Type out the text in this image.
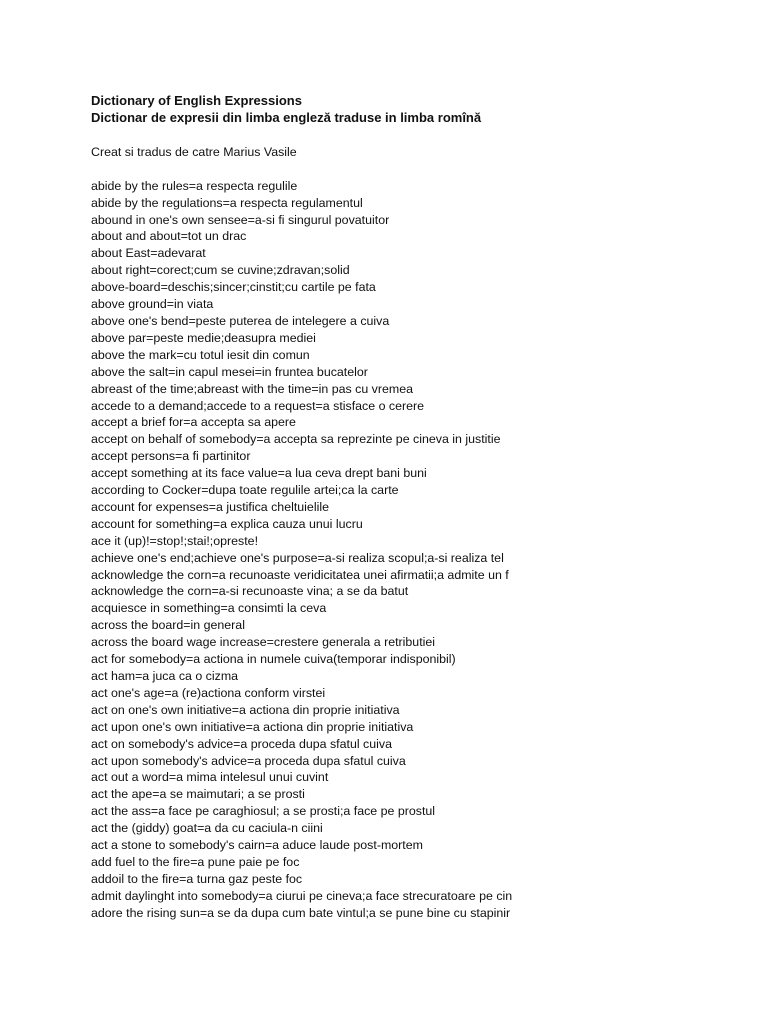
Dictionary of English Expressions
Dictionar de expresii din limba engleză traduse in limba romînă
Creat si tradus de catre Marius Vasile
abide by the rules=a respecta regulile
abide by the regulations=a respecta regulamentul
abound in one's own sensee=a-si fi singurul povatuitor
about and about=tot un drac
about East=adevarat
about right=corect;cum se cuvine;zdravan;solid
above-board=deschis;sincer;cinstit;cu cartile pe fata
above ground=in viata
above one's bend=peste puterea de intelegere a cuiva
above par=peste medie;deasupra mediei
above the mark=cu totul iesit din comun
above the salt=in capul mesei=in fruntea bucatelor
abreast of the time;abreast with the time=in pas cu vremea
accede to a demand;accede to a request=a stisface o cerere
accept a brief for=a accepta sa apere
accept on behalf of somebody=a accepta sa reprezinte pe cineva in justitie
accept persons=a fi partinitor
accept something at its face value=a lua ceva drept bani buni
according to Cocker=dupa toate regulile artei;ca la carte
account for expenses=a justifica cheltuielile
account for something=a explica cauza unui lucru
ace it (up)!=stop!;stai!;opreste!
achieve one's end;achieve one's purpose=a-si realiza scopul;a-si realiza tel
acknowledge the corn=a recunoaste veridicitatea unei afirmatii;a admite un f
acknowledge the corn=a-si recunoaste vina; a se da batut
acquiesce in something=a consimti la ceva
across the board=in general
across the board wage increase=crestere generala a retributiei
act for somebody=a actiona in numele cuiva(temporar indisponibil)
act ham=a juca ca o cizma
act one's age=a (re)actiona conform virstei
act on one's own initiative=a actiona din proprie initiativa
act upon one's own initiative=a actiona din proprie initiativa
act on somebody's advice=a proceda dupa sfatul cuiva
act upon somebody's advice=a proceda dupa sfatul cuiva
act out a word=a mima intelesul unui cuvint
act the ape=a se maimutari; a se prosti
act the ass=a face pe caraghiosul; a se prosti;a face pe prostul
act the (giddy) goat=a da cu caciula-n ciini
act a stone to somebody's cairn=a aduce laude post-mortem
add fuel to the fire=a pune paie pe foc
addoil to the fire=a turna gaz peste foc
admit daylinght into somebody=a ciurui pe cineva;a face strecuratoare pe cin
adore the rising sun=a se da dupa cum bate vintul;a se pune bine cu stapinir
